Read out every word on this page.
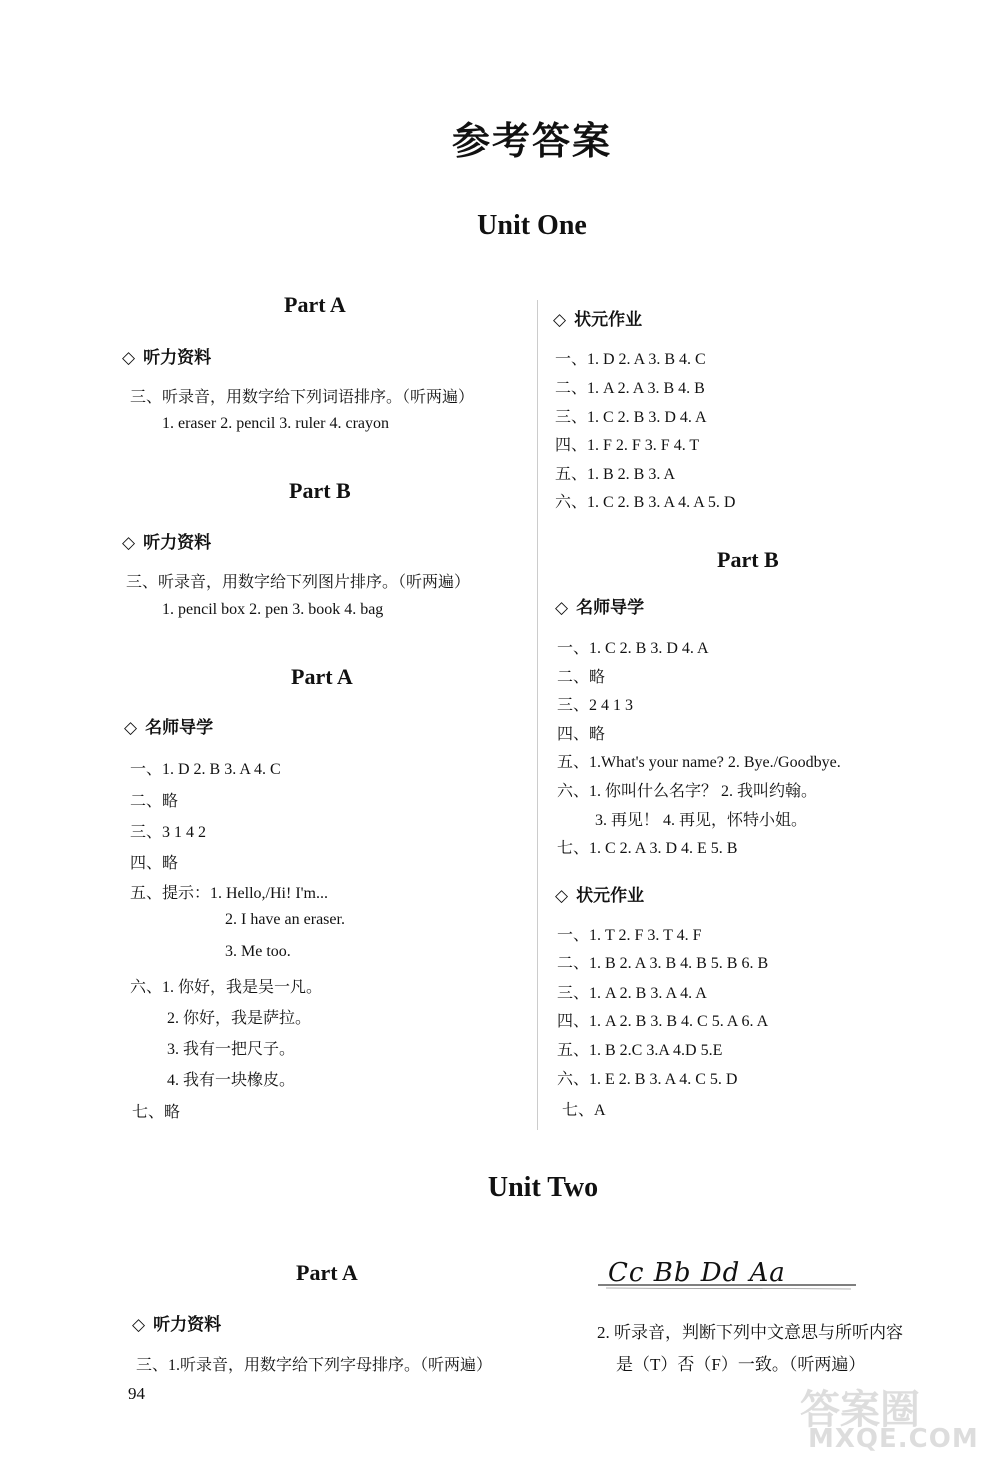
参考答案
Unit One
Part A
◇ 听力资料
三、听录音，用数字给下列词语排序。（听两遍）
1. eraser 2. pencil 3. ruler 4. crayon
Part B
◇ 听力资料
三、听录音，用数字给下列图片排序。（听两遍）
1. pencil box 2. pen 3. book 4. bag
Part A
◇ 名师导学
一、1. D 2. B 3. A 4. C
二、略
三、3 1 4 2
四、略
五、提示：1. Hello,/Hi! I'm...
2. I have an eraser.
3. Me too.
六、1. 你好，我是吴一凡。
2. 你好，我是萨拉。
3. 我有一把尺子。
4. 我有一块橡皮。
七、略
◇ 状元作业
一、1. D 2. A 3. B 4. C
二、1. A 2. A 3. B 4. B
三、1. C 2. B 3. D 4. A
四、1. F 2. F 3. F 4. T
五、1. B 2. B 3. A
六、1. C 2. B 3. A 4. A 5. D
Part B
◇ 名师导学
一、1. C 2. B 3. D 4. A
二、略
三、2 4 1 3
四、略
五、1.What's your name? 2. Bye./Goodbye.
六、1. 你叫什么名字？ 2. 我叫约翰。
3. 再见！ 4. 再见，怀特小姐。
七、1. C 2. A 3. D 4. E 5. B
◇ 状元作业
一、1. T 2. F 3. T 4. F
二、1. B 2. A 3. B 4. B 5. B 6. B
三、1. A 2. B 3. A 4. A
四、1. A 2. B 3. B 4. C 5. A 6. A
五、1. B 2.C 3.A 4.D 5.E
六、1. E 2. B 3. A 4. C 5. D
七、A
Unit Two
Part A
◇ 听力资料
三、1.听录音，用数字给下列字母排序。（听两遍）
Cc Bb Dd Aa
2. 听录音，判断下列中文意思与所听内容
是（T）否（F）一致。（听两遍）
94	答案圈
MXQE.COM
